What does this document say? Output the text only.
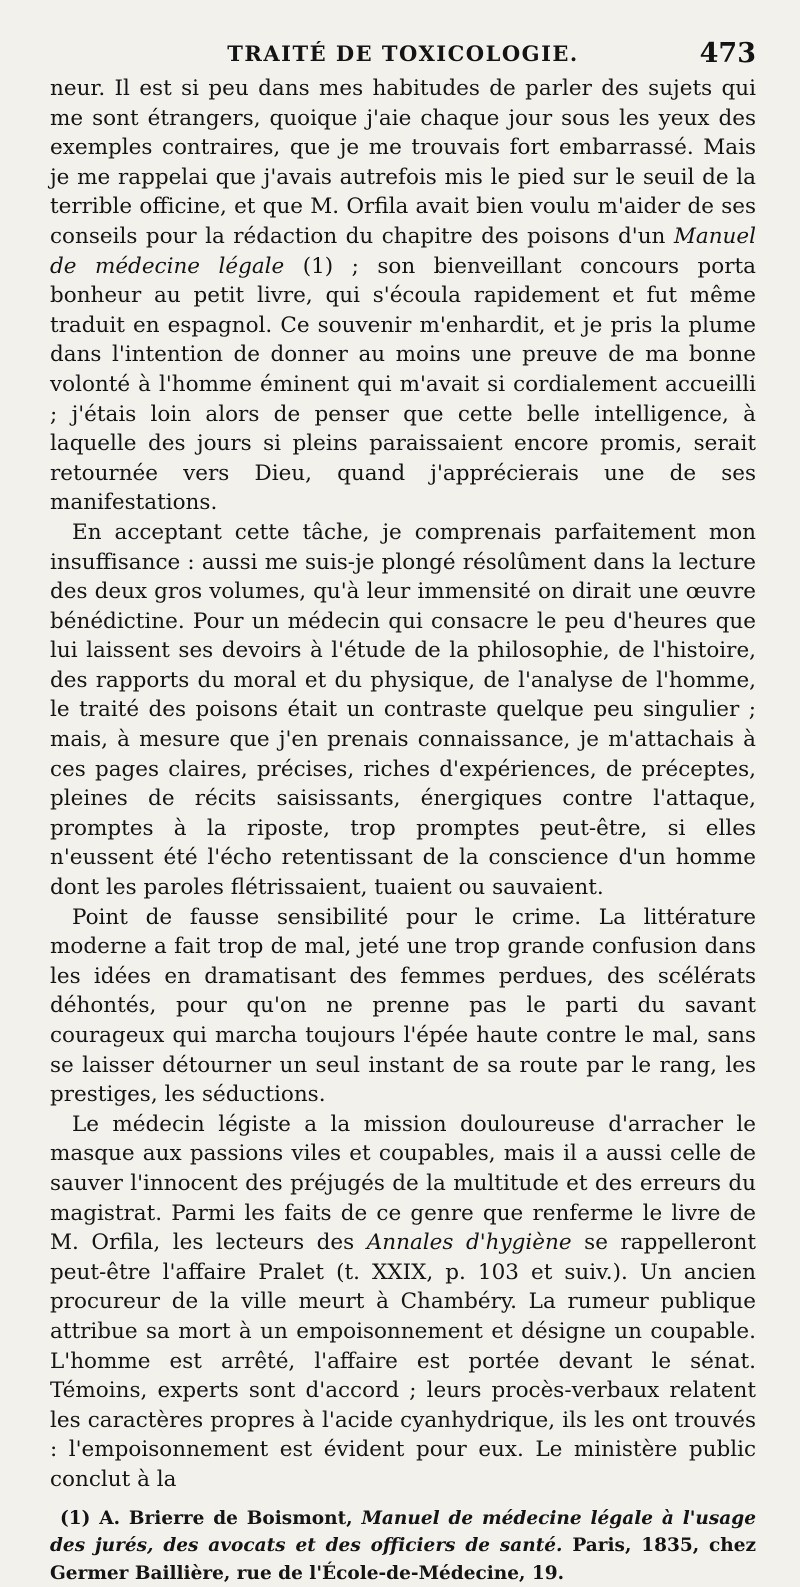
TRAITÉ DE TOXICOLOGIE.	473

neur. Il est si peu dans mes habitudes de parler des sujets qui me sont étrangers, quoique j'aie chaque jour sous les yeux des exemples contraires, que je me trouvais fort embarrassé. Mais je me rappelai que j'avais autrefois mis le pied sur le seuil de la terrible officine, et que M. Orfila avait bien voulu m'aider de ses conseils pour la rédaction du chapitre des poisons d'un Manuel de médecine légale (1) ; son bienveillant concours porta bonheur au petit livre, qui s'écoula rapidement et fut même traduit en espagnol. Ce souvenir m'enhardit, et je pris la plume dans l'intention de donner au moins une preuve de ma bonne volonté à l'homme éminent qui m'avait si cordialement accueilli ; j'étais loin alors de penser que cette belle intelligence, à laquelle des jours si pleins paraissaient encore promis, serait retournée vers Dieu, quand j'apprécierais une de ses manifestations.

En acceptant cette tâche, je comprenais parfaitement mon insuffisance : aussi me suis-je plongé résolûment dans la lecture des deux gros volumes, qu'à leur immensité on dirait une œuvre bénédictine. Pour un médecin qui consacre le peu d'heures que lui laissent ses devoirs à l'étude de la philosophie, de l'histoire, des rapports du moral et du physique, de l'analyse de l'homme, le traité des poisons était un contraste quelque peu singulier ; mais, à mesure que j'en prenais connaissance, je m'attachais à ces pages claires, précises, riches d'expériences, de préceptes, pleines de récits saisissants, énergiques contre l'attaque, promptes à la riposte, trop promptes peut-être, si elles n'eussent été l'écho retentissant de la conscience d'un homme dont les paroles flétrissaient, tuaient ou sauvaient.

Point de fausse sensibilité pour le crime. La littérature moderne a fait trop de mal, jeté une trop grande confusion dans les idées en dramatisant des femmes perdues, des scélérats déhontés, pour qu'on ne prenne pas le parti du savant courageux qui marcha toujours l'épée haute contre le mal, sans se laisser détourner un seul instant de sa route par le rang, les prestiges, les séductions.

Le médecin légiste a la mission douloureuse d'arracher le masque aux passions viles et coupables, mais il a aussi celle de sauver l'innocent des préjugés de la multitude et des erreurs du magistrat. Parmi les faits de ce genre que renferme le livre de M. Orfila, les lecteurs des Annales d'hygiène se rappelleront peut-être l'affaire Pralet (t. XXIX, p. 103 et suiv.). Un ancien procureur de la ville meurt à Chambéry. La rumeur publique attribue sa mort à un empoisonnement et désigne un coupable. L'homme est arrêté, l'affaire est portée devant le sénat. Témoins, experts sont d'accord ; leurs procès-verbaux relatent les caractères propres à l'acide cyanhydrique, ils les ont trouvés : l'empoisonnement est évident pour eux. Le ministère public conclut à la

(1) A. Brierre de Boismont, Manuel de médecine légale à l'usage des jurés, des avocats et des officiers de santé. Paris, 1835, chez Germer Baillière, rue de l'École-de-Médecine, 19.
